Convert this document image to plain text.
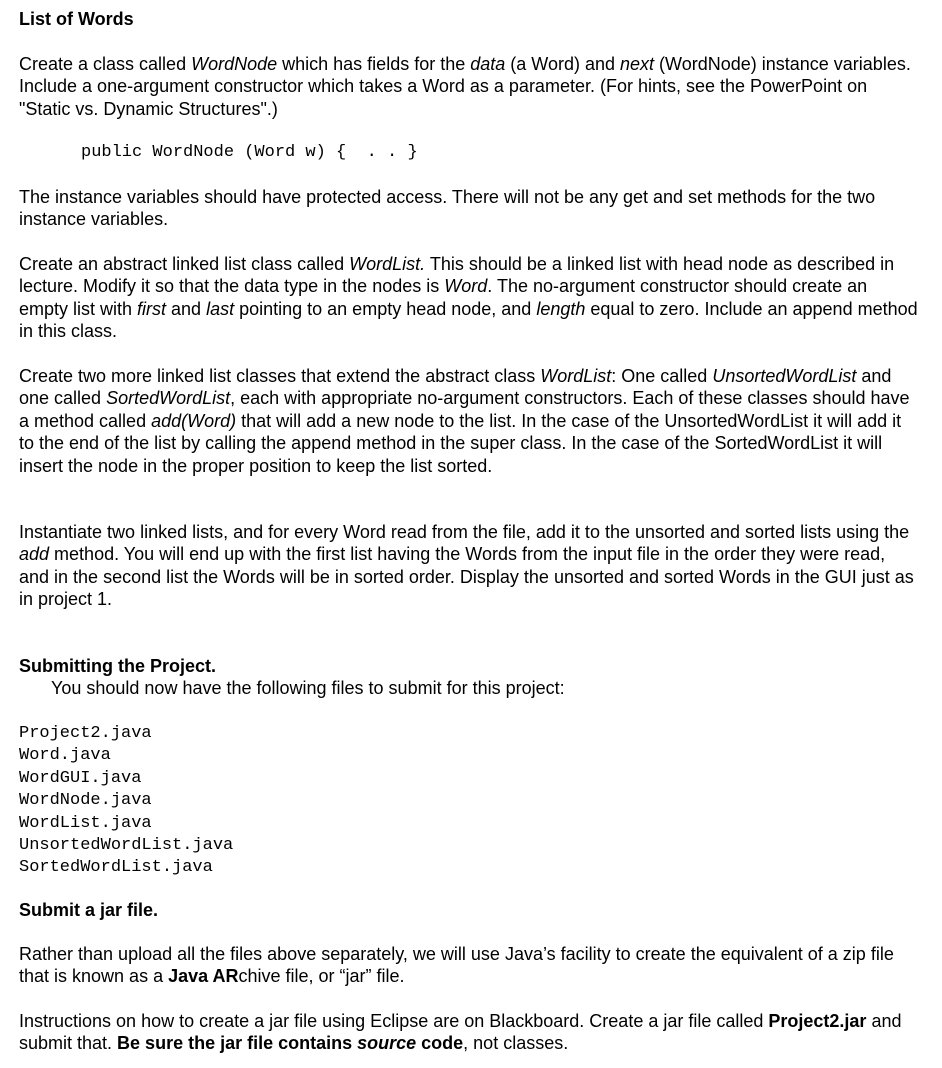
List of Words

Create a class called WordNode which has fields for the data (a Word) and next (WordNode) instance variables. Include a one-argument constructor which takes a Word as a parameter. (For hints, see the PowerPoint on "Static vs. Dynamic Structures".)

public WordNode (Word w) {  . . }

The instance variables should have protected access. There will not be any get and set methods for the two instance variables.

Create an abstract linked list class called WordList. This should be a linked list with head node as described in lecture. Modify it so that the data type in the nodes is Word. The no-argument constructor should create an empty list with first and last pointing to an empty head node, and length equal to zero. Include an append method in this class.

Create two more linked list classes that extend the abstract class WordList: One called UnsortedWordList and one called SortedWordList, each with appropriate no-argument constructors. Each of these classes should have a method called add(Word) that will add a new node to the list. In the case of the UnsortedWordList it will add it to the end of the list by calling the append method in the super class. In the case of the SortedWordList it will insert the node in the proper position to keep the list sorted.

Instantiate two linked lists, and for every Word read from the file, add it to the unsorted and sorted lists using the add method. You will end up with the first list having the Words from the input file in the order they were read, and in the second list the Words will be in sorted order. Display the unsorted and sorted Words in the GUI just as in project 1.

Submitting the Project.
You should now have the following files to submit for this project:
Project2.java
Word.java
WordGUI.java
WordNode.java
WordList.java
UnsortedWordList.java
SortedWordList.java
Submit a jar file.

Rather than upload all the files above separately, we will use Java’s facility to create the equivalent of a zip file that is known as a Java ARchive file, or “jar” file.

Instructions on how to create a jar file using Eclipse are on Blackboard. Create a jar file called Project2.jar and submit that. Be sure the jar file contains source code, not classes.
